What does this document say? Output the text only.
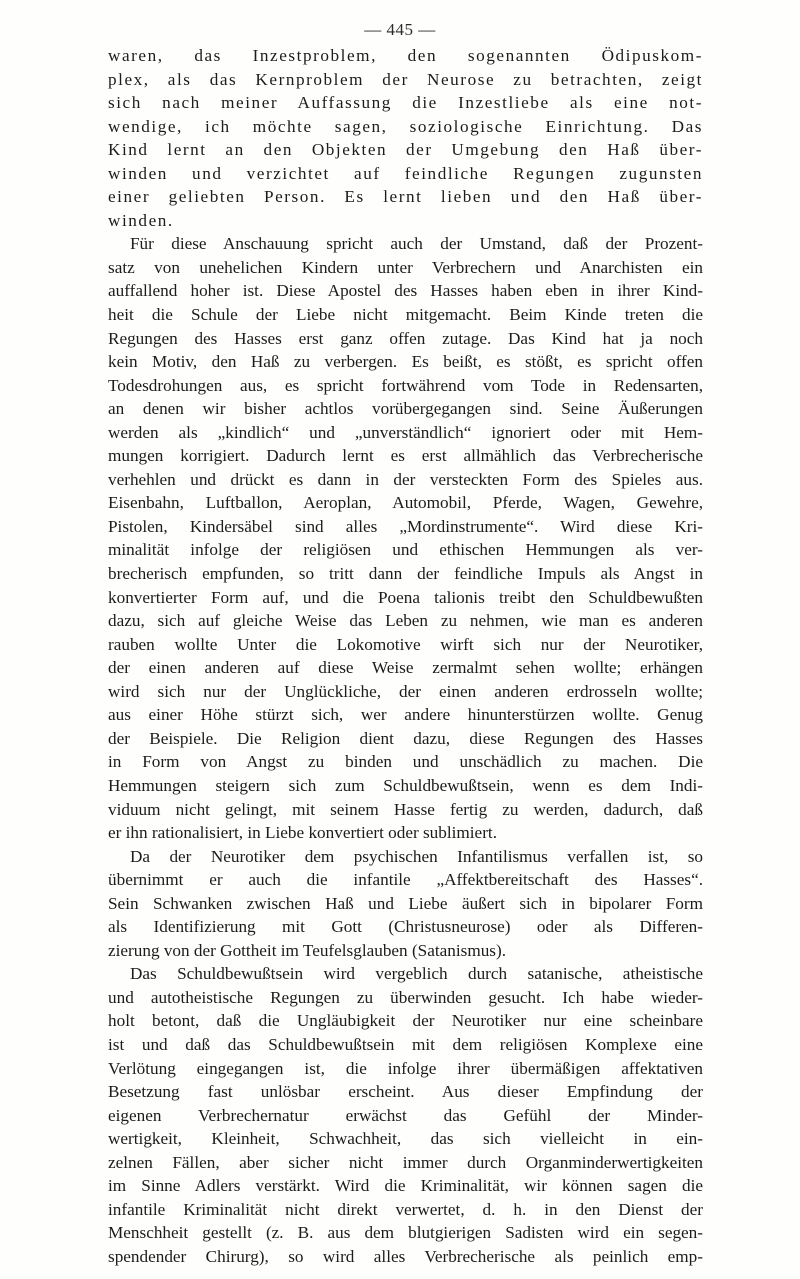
— 445 —
waren, das Inzestproblem, den sogenannten Ödipuskom-
plex, als das Kernproblem der Neurose zu betrachten, zeigt
sich nach meiner Auffassung die Inzestliebe als eine not-
wendige, ich möchte sagen, soziologische Einrichtung. Das
Kind lernt an den Objekten der Umgebung den Haß über-
winden und verzichtet auf feindliche Regungen zugunsten
einer geliebten Person. Es lernt lieben und den Haß über-
winden.
Für diese Anschauung spricht auch der Umstand, daß der Prozent-
satz von unehelichen Kindern unter Verbrechern und Anarchisten ein
auffallend hoher ist. Diese Apostel des Hasses haben eben in ihrer Kind-
heit die Schule der Liebe nicht mitgemacht. Beim Kinde treten die
Regungen des Hasses erst ganz offen zutage. Das Kind hat ja noch
kein Motiv, den Haß zu verbergen. Es beißt, es stößt, es spricht offen
Todesdrohungen aus, es spricht fortwährend vom Tode in Redensarten,
an denen wir bisher achtlos vorübergegangen sind. Seine Äußerungen
werden als „kindlich“ und „unverständlich“ ignoriert oder mit Hem-
mungen korrigiert. Dadurch lernt es erst allmählich das Verbrecherische
verhehlen und drückt es dann in der versteckten Form des Spieles aus.
Eisenbahn, Luftballon, Aeroplan, Automobil, Pferde, Wagen, Gewehre,
Pistolen, Kindersäbel sind alles „Mordinstrumente“. Wird diese Kri-
minalität infolge der religiösen und ethischen Hemmungen als ver-
brecherisch empfunden, so tritt dann der feindliche Impuls als Angst in
konvertierter Form auf, und die Poena talionis treibt den Schuldbewußten
dazu, sich auf gleiche Weise das Leben zu nehmen, wie man es anderen
rauben wollte Unter die Lokomotive wirft sich nur der Neurotiker,
der einen anderen auf diese Weise zermalmt sehen wollte; erhängen
wird sich nur der Unglückliche, der einen anderen erdrosseln wollte;
aus einer Höhe stürzt sich, wer andere hinunterstürzen wollte. Genug
der Beispiele. Die Religion dient dazu, diese Regungen des Hasses
in Form von Angst zu binden und unschädlich zu machen. Die
Hemmungen steigern sich zum Schuldbewußtsein, wenn es dem Indi-
viduum nicht gelingt, mit seinem Hasse fertig zu werden, dadurch, daß
er ihn rationalisiert, in Liebe konvertiert oder sublimiert.
Da der Neurotiker dem psychischen Infantilismus verfallen ist, so
übernimmt er auch die infantile „Affektbereitschaft des Hasses“.
Sein Schwanken zwischen Haß und Liebe äußert sich in bipolarer Form
als Identifizierung mit Gott (Christusneurose) oder als Differen-
zierung von der Gottheit im Teufelsglauben (Satanismus).
Das Schuldbewußtsein wird vergeblich durch satanische, atheistische
und autotheistische Regungen zu überwinden gesucht. Ich habe wieder-
holt betont, daß die Ungläubigkeit der Neurotiker nur eine scheinbare
ist und daß das Schuldbewußtsein mit dem religiösen Komplexe eine
Verlötung eingegangen ist, die infolge ihrer übermäßigen affektativen
Besetzung fast unlösbar erscheint. Aus dieser Empfindung der
eigenen Verbrechernatur erwächst das Gefühl der Minder-
wertigkeit, Kleinheit, Schwachheit, das sich vielleicht in ein-
zelnen Fällen, aber sicher nicht immer durch Organminderwertigkeiten
im Sinne Adlers verstärkt. Wird die Kriminalität, wir können sagen die
infantile Kriminalität nicht direkt verwertet, d. h. in den Dienst der
Menschheit gestellt (z. B. aus dem blutgierigen Sadisten wird ein segen-
spendender Chirurg), so wird alles Verbrecherische als peinlich emp-
